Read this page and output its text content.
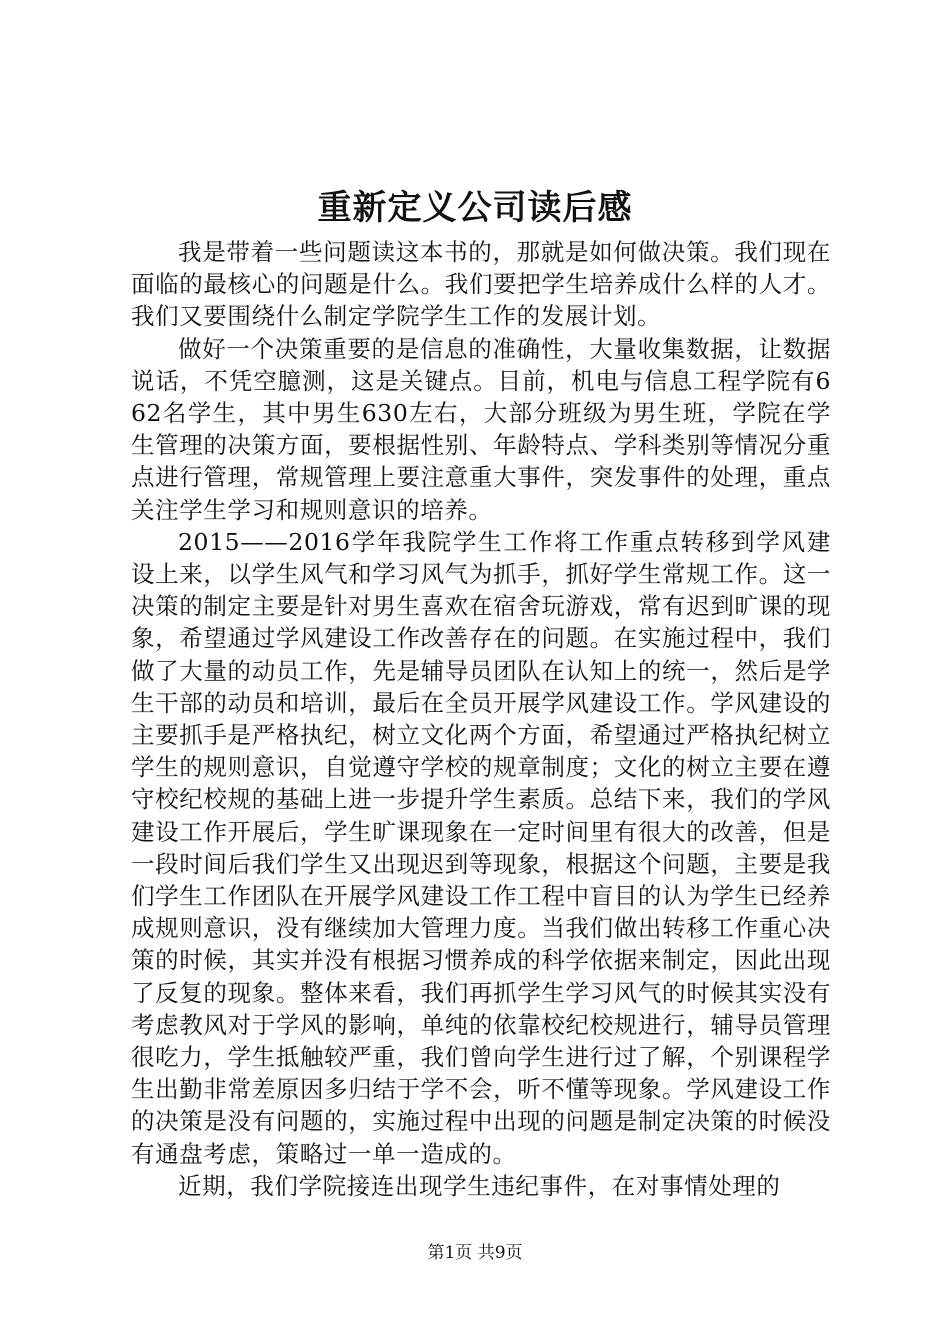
重新定义公司读后感

我是带着一些问题读这本书的，那就是如何做决策。我们现在面临的最核心的问题是什么。我们要把学生培养成什么样的人才。我们又要围绕什么制定学院学生工作的发展计划。

做好一个决策重要的是信息的准确性，大量收集数据，让数据说话，不凭空臆测，这是关键点。目前，机电与信息工程学院有662名学生，其中男生630左右，大部分班级为男生班，学院在学生管理的决策方面，要根据性别、年龄特点、学科类别等情况分重点进行管理，常规管理上要注意重大事件，突发事件的处理，重点关注学生学习和规则意识的培养。

2015——2016学年我院学生工作将工作重点转移到学风建设上来，以学生风气和学习风气为抓手，抓好学生常规工作。这一决策的制定主要是针对男生喜欢在宿舍玩游戏，常有迟到旷课的现象，希望通过学风建设工作改善存在的问题。在实施过程中，我们做了大量的动员工作，先是辅导员团队在认知上的统一，然后是学生干部的动员和培训，最后在全员开展学风建设工作。学风建设的主要抓手是严格执纪，树立文化两个方面，希望通过严格执纪树立学生的规则意识，自觉遵守学校的规章制度；文化的树立主要在遵守校纪校规的基础上进一步提升学生素质。总结下来，我们的学风建设工作开展后，学生旷课现象在一定时间里有很大的改善，但是一段时间后我们学生又出现迟到等现象，根据这个问题，主要是我们学生工作团队在开展学风建设工作工程中盲目的认为学生已经养成规则意识，没有继续加大管理力度。当我们做出转移工作重心决策的时候，其实并没有根据习惯养成的科学依据来制定，因此出现了反复的现象。整体来看，我们再抓学生学习风气的时候其实没有考虑教风对于学风的影响，单纯的依靠校纪校规进行，辅导员管理很吃力，学生抵触较严重，我们曾向学生进行过了解，个别课程学生出勤非常差原因多归结于学不会，听不懂等现象。学风建设工作的决策是没有问题的，实施过程中出现的问题是制定决策的时候没有通盘考虑，策略过一单一造成的。

近期，我们学院接连出现学生违纪事件，在对事情处理的

第1页 共9页
